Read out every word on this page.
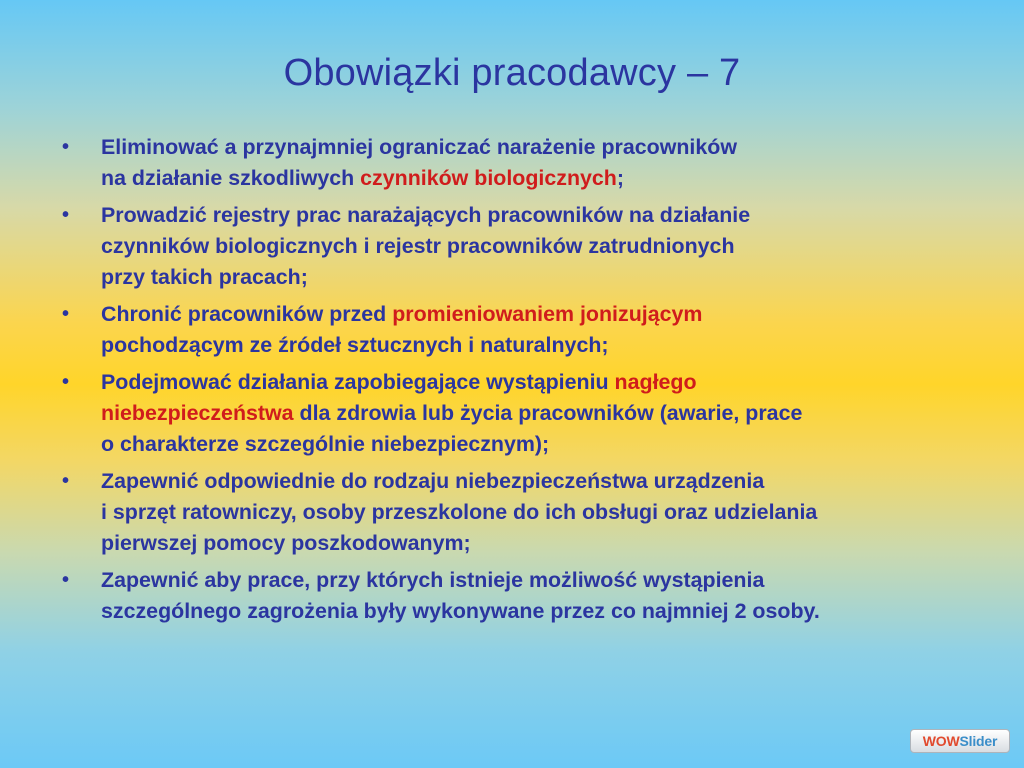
Obowiązki pracodawcy – 7
• Eliminować a przynajmniej ograniczać narażenie pracowników
na działanie szkodliwych czynników biologicznych;
• Prowadzić rejestry prac narażających pracowników na działanie
czynników biologicznych i rejestr pracowników zatrudnionych
przy takich pracach;
• Chronić pracowników przed promieniowaniem jonizującym
pochodzącym ze źródeł sztucznych i naturalnych;
• Podejmować działania zapobiegające wystąpieniu nagłego
niebezpieczeństwa dla zdrowia lub życia pracowników (awarie, prace
o charakterze szczególnie niebezpiecznym);
• Zapewnić odpowiednie do rodzaju niebezpieczeństwa urządzenia
i sprzęt ratowniczy, osoby przeszkolone do ich obsługi oraz udzielania
pierwszej pomocy poszkodowanym;
• Zapewnić aby prace, przy których istnieje możliwość wystąpienia
szczególnego zagrożenia były wykonywane przez co najmniej 2 osoby.
WOW Slider
